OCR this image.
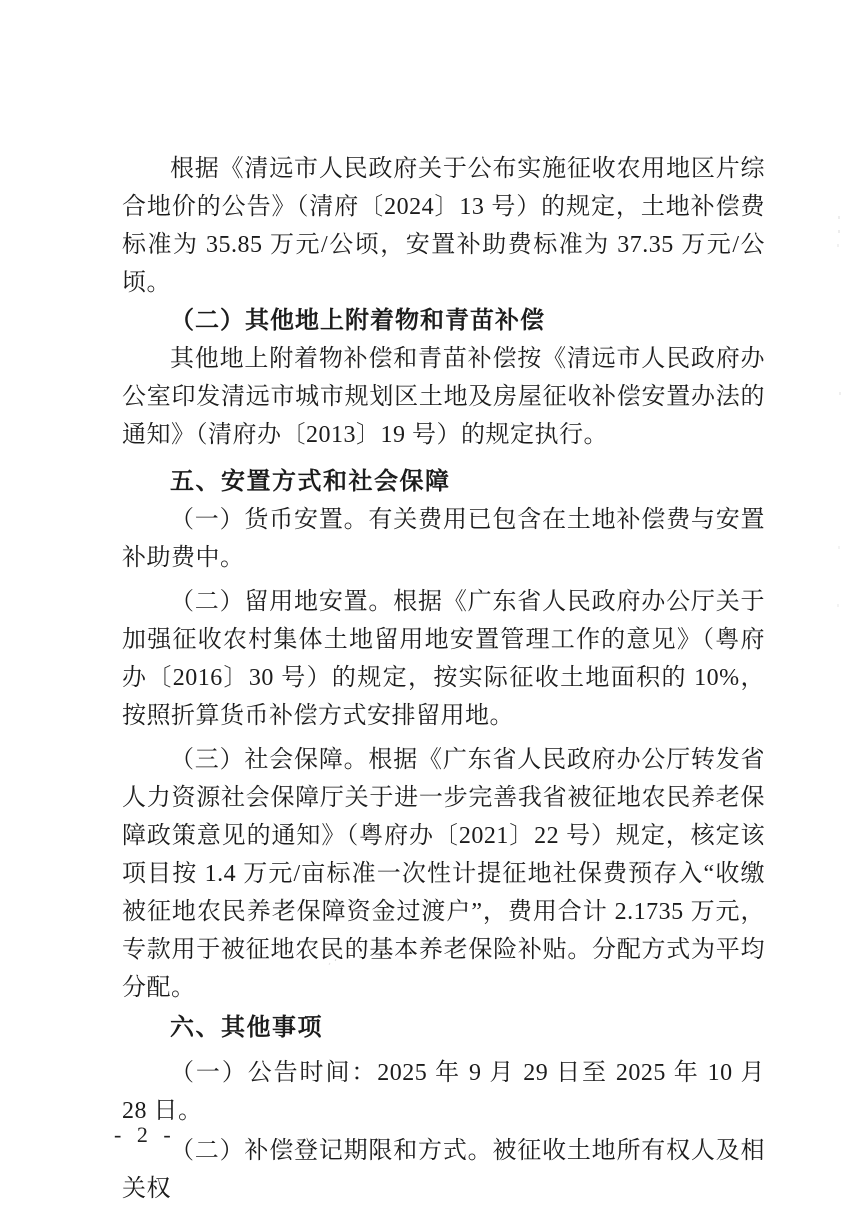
根据《清远市人民政府关于公布实施征收农用地区片综合地价的公告》（清府〔2024〕13 号）的规定，土地补偿费标准为 35.85 万元/公顷，安置补助费标准为 37.35 万元/公顷。

（二）其他地上附着物和青苗补偿

其他地上附着物补偿和青苗补偿按《清远市人民政府办公室印发清远市城市规划区土地及房屋征收补偿安置办法的通知》（清府办〔2013〕19 号）的规定执行。

五、安置方式和社会保障

（一）货币安置。有关费用已包含在土地补偿费与安置补助费中。

（二）留用地安置。根据《广东省人民政府办公厅关于加强征收农村集体土地留用地安置管理工作的意见》（粤府办〔2016〕30 号）的规定，按实际征收土地面积的 10%，按照折算货币补偿方式安排留用地。

（三）社会保障。根据《广东省人民政府办公厅转发省人力资源社会保障厅关于进一步完善我省被征地农民养老保障政策意见的通知》（粤府办〔2021〕22 号）规定，核定该项目按 1.4 万元/亩标准一次性计提征地社保费预存入“收缴被征地农民养老保障资金过渡户”，费用合计 2.1735 万元，专款用于被征地农民的基本养老保险补贴。分配方式为平均分配。

六、其他事项

（一）公告时间：2025 年 9 月 29 日至 2025 年 10 月 28 日。

（二）补偿登记期限和方式。被征收土地所有权人及相关权

- 2 -
